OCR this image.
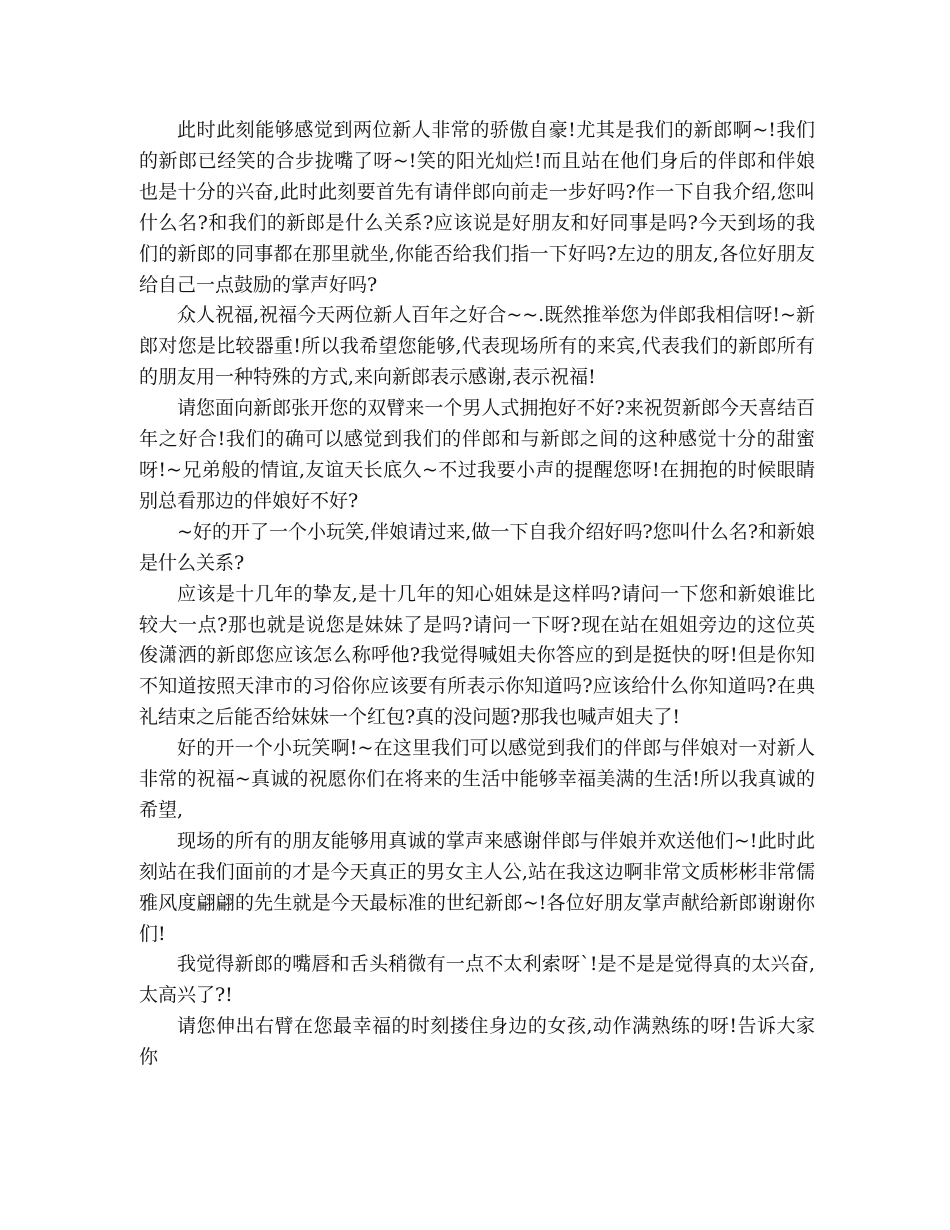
此时此刻能够感觉到两位新人非常的骄傲自豪!尤其是我们的新郎啊~!我们的新郎已经笑的合步拢嘴了呀~!笑的阳光灿烂!而且站在他们身后的伴郎和伴娘也是十分的兴奋,此时此刻要首先有请伴郎向前走一步好吗?作一下自我介绍,您叫什么名?和我们的新郎是什么关系?应该说是好朋友和好同事是吗?今天到场的我们的新郎的同事都在那里就坐,你能否给我们指一下好吗?左边的朋友,各位好朋友给自己一点鼓励的掌声好吗?

众人祝福,祝福今天两位新人百年之好合~~.既然推举您为伴郎我相信呀!~新郎对您是比较器重!所以我希望您能够,代表现场所有的来宾,代表我们的新郎所有的朋友用一种特殊的方式,来向新郎表示感谢,表示祝福!

请您面向新郎张开您的双臂来一个男人式拥抱好不好?来祝贺新郎今天喜结百年之好合!我们的确可以感觉到我们的伴郎和与新郎之间的这种感觉十分的甜蜜呀!~兄弟般的情谊,友谊天长底久~不过我要小声的提醒您呀!在拥抱的时候眼睛别总看那边的伴娘好不好?

~好的开了一个小玩笑,伴娘请过来,做一下自我介绍好吗?您叫什么名?和新娘是什么关系?

应该是十几年的挚友,是十几年的知心姐妹是这样吗?请问一下您和新娘谁比较大一点?那也就是说您是妹妹了是吗?请问一下呀?现在站在姐姐旁边的这位英俊潇洒的新郎您应该怎么称呼他?我觉得喊姐夫你答应的到是挺快的呀!但是你知不知道按照天津市的习俗你应该要有所表示你知道吗?应该给什么你知道吗?在典礼结束之后能否给妹妹一个红包?真的没问题?那我也喊声姐夫了!

好的开一个小玩笑啊!~在这里我们可以感觉到我们的伴郎与伴娘对一对新人非常的祝福~真诚的祝愿你们在将来的生活中能够幸福美满的生活!所以我真诚的希望,

现场的所有的朋友能够用真诚的掌声来感谢伴郎与伴娘并欢送他们~!此时此刻站在我们面前的才是今天真正的男女主人公,站在我这边啊非常文质彬彬非常儒雅风度翩翩的先生就是今天最标准的世纪新郎~!各位好朋友掌声献给新郎谢谢你们!

我觉得新郎的嘴唇和舌头稍微有一点不太利索呀`!是不是是觉得真的太兴奋,太高兴了?!

请您伸出右臂在您最幸福的时刻搂住身边的女孩,动作满熟练的呀!告诉大家你
